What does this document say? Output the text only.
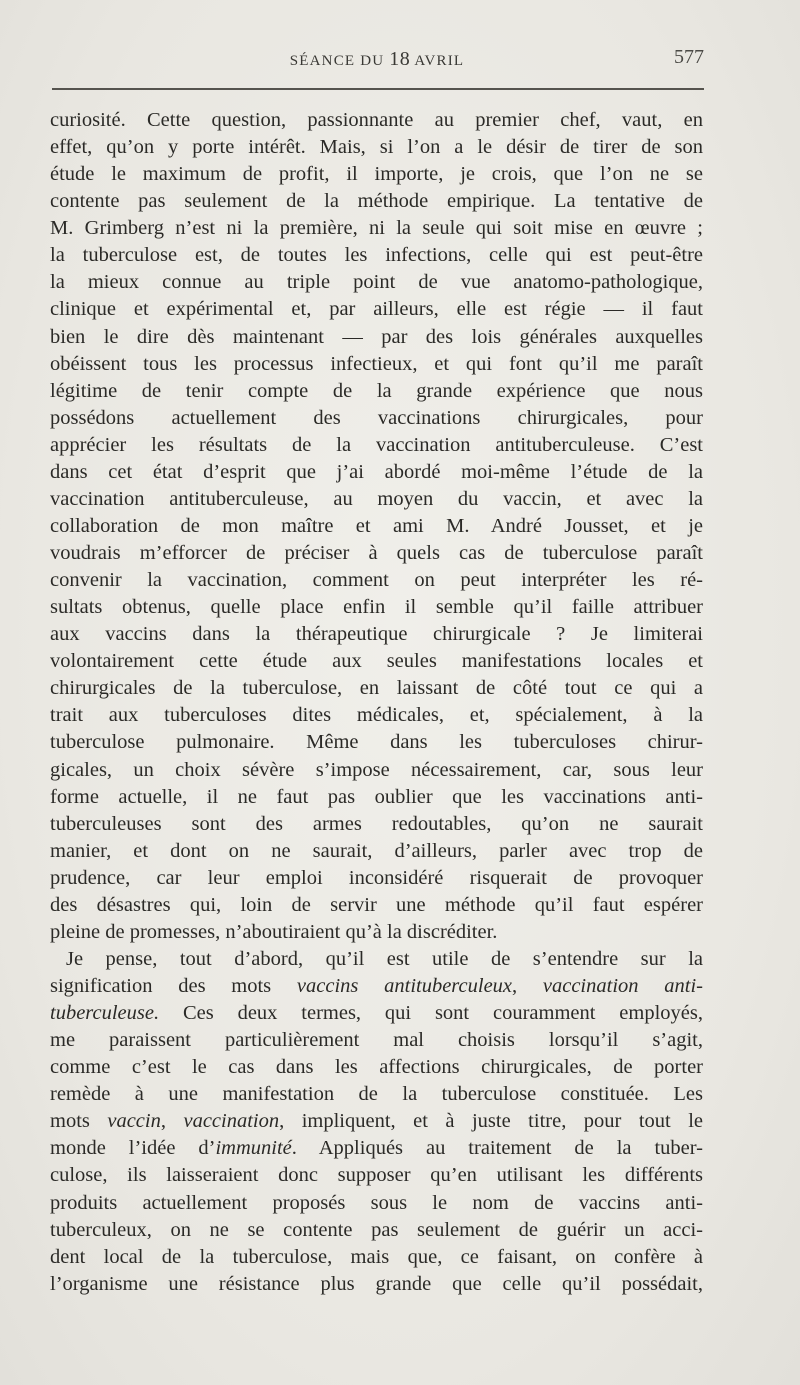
SÉANCE DU 18 AVRIL	577
curiosité. Cette question, passionnante au premier chef, vaut, en
effet, qu’on y porte intérêt. Mais, si l’on a le désir de tirer de son
étude le maximum de profit, il importe, je crois, que l’on ne se
contente pas seulement de la méthode empirique. La tentative de
M. Grimberg n’est ni la première, ni la seule qui soit mise en œuvre ;
la tuberculose est, de toutes les infections, celle qui est peut-être
la mieux connue au triple point de vue anatomo-pathologique,
clinique et expérimental et, par ailleurs, elle est régie — il faut
bien le dire dès maintenant — par des lois générales auxquelles
obéissent tous les processus infectieux, et qui font qu’il me paraît
légitime de tenir compte de la grande expérience que nous
possédons actuellement des vaccinations chirurgicales, pour
apprécier les résultats de la vaccination antituberculeuse. C’est
dans cet état d’esprit que j’ai abordé moi-même l’étude de la
vaccination antituberculeuse, au moyen du vaccin, et avec la
collaboration de mon maître et ami M. André Jousset, et je
voudrais m’efforcer de préciser à quels cas de tuberculose paraît
convenir la vaccination, comment on peut interpréter les ré-
sultats obtenus, quelle place enfin il semble qu’il faille attribuer
aux vaccins dans la thérapeutique chirurgicale ? Je limiterai
volontairement cette étude aux seules manifestations locales et
chirurgicales de la tuberculose, en laissant de côté tout ce qui a
trait aux tuberculoses dites médicales, et, spécialement, à la
tuberculose pulmonaire. Même dans les tuberculoses chirur-
gicales, un choix sévère s’impose nécessairement, car, sous leur
forme actuelle, il ne faut pas oublier que les vaccinations anti-
tuberculeuses sont des armes redoutables, qu’on ne saurait
manier, et dont on ne saurait, d’ailleurs, parler avec trop de
prudence, car leur emploi inconsidéré risquerait de provoquer
des désastres qui, loin de servir une méthode qu’il faut espérer
pleine de promesses, n’aboutiraient qu’à la discréditer.
Je pense, tout d’abord, qu’il est utile de s’entendre sur la
signification des mots vaccins antituberculeux, vaccination anti-
tuberculeuse. Ces deux termes, qui sont couramment employés,
me paraissent particulièrement mal choisis lorsqu’il s’agit,
comme c’est le cas dans les affections chirurgicales, de porter
remède à une manifestation de la tuberculose constituée. Les
mots vaccin, vaccination, impliquent, et à juste titre, pour tout le
monde l’idée d’immunité. Appliqués au traitement de la tuber-
culose, ils laisseraient donc supposer qu’en utilisant les différents
produits actuellement proposés sous le nom de vaccins anti-
tuberculeux, on ne se contente pas seulement de guérir un acci-
dent local de la tuberculose, mais que, ce faisant, on confère à
l’organisme une résistance plus grande que celle qu’il possédait,
